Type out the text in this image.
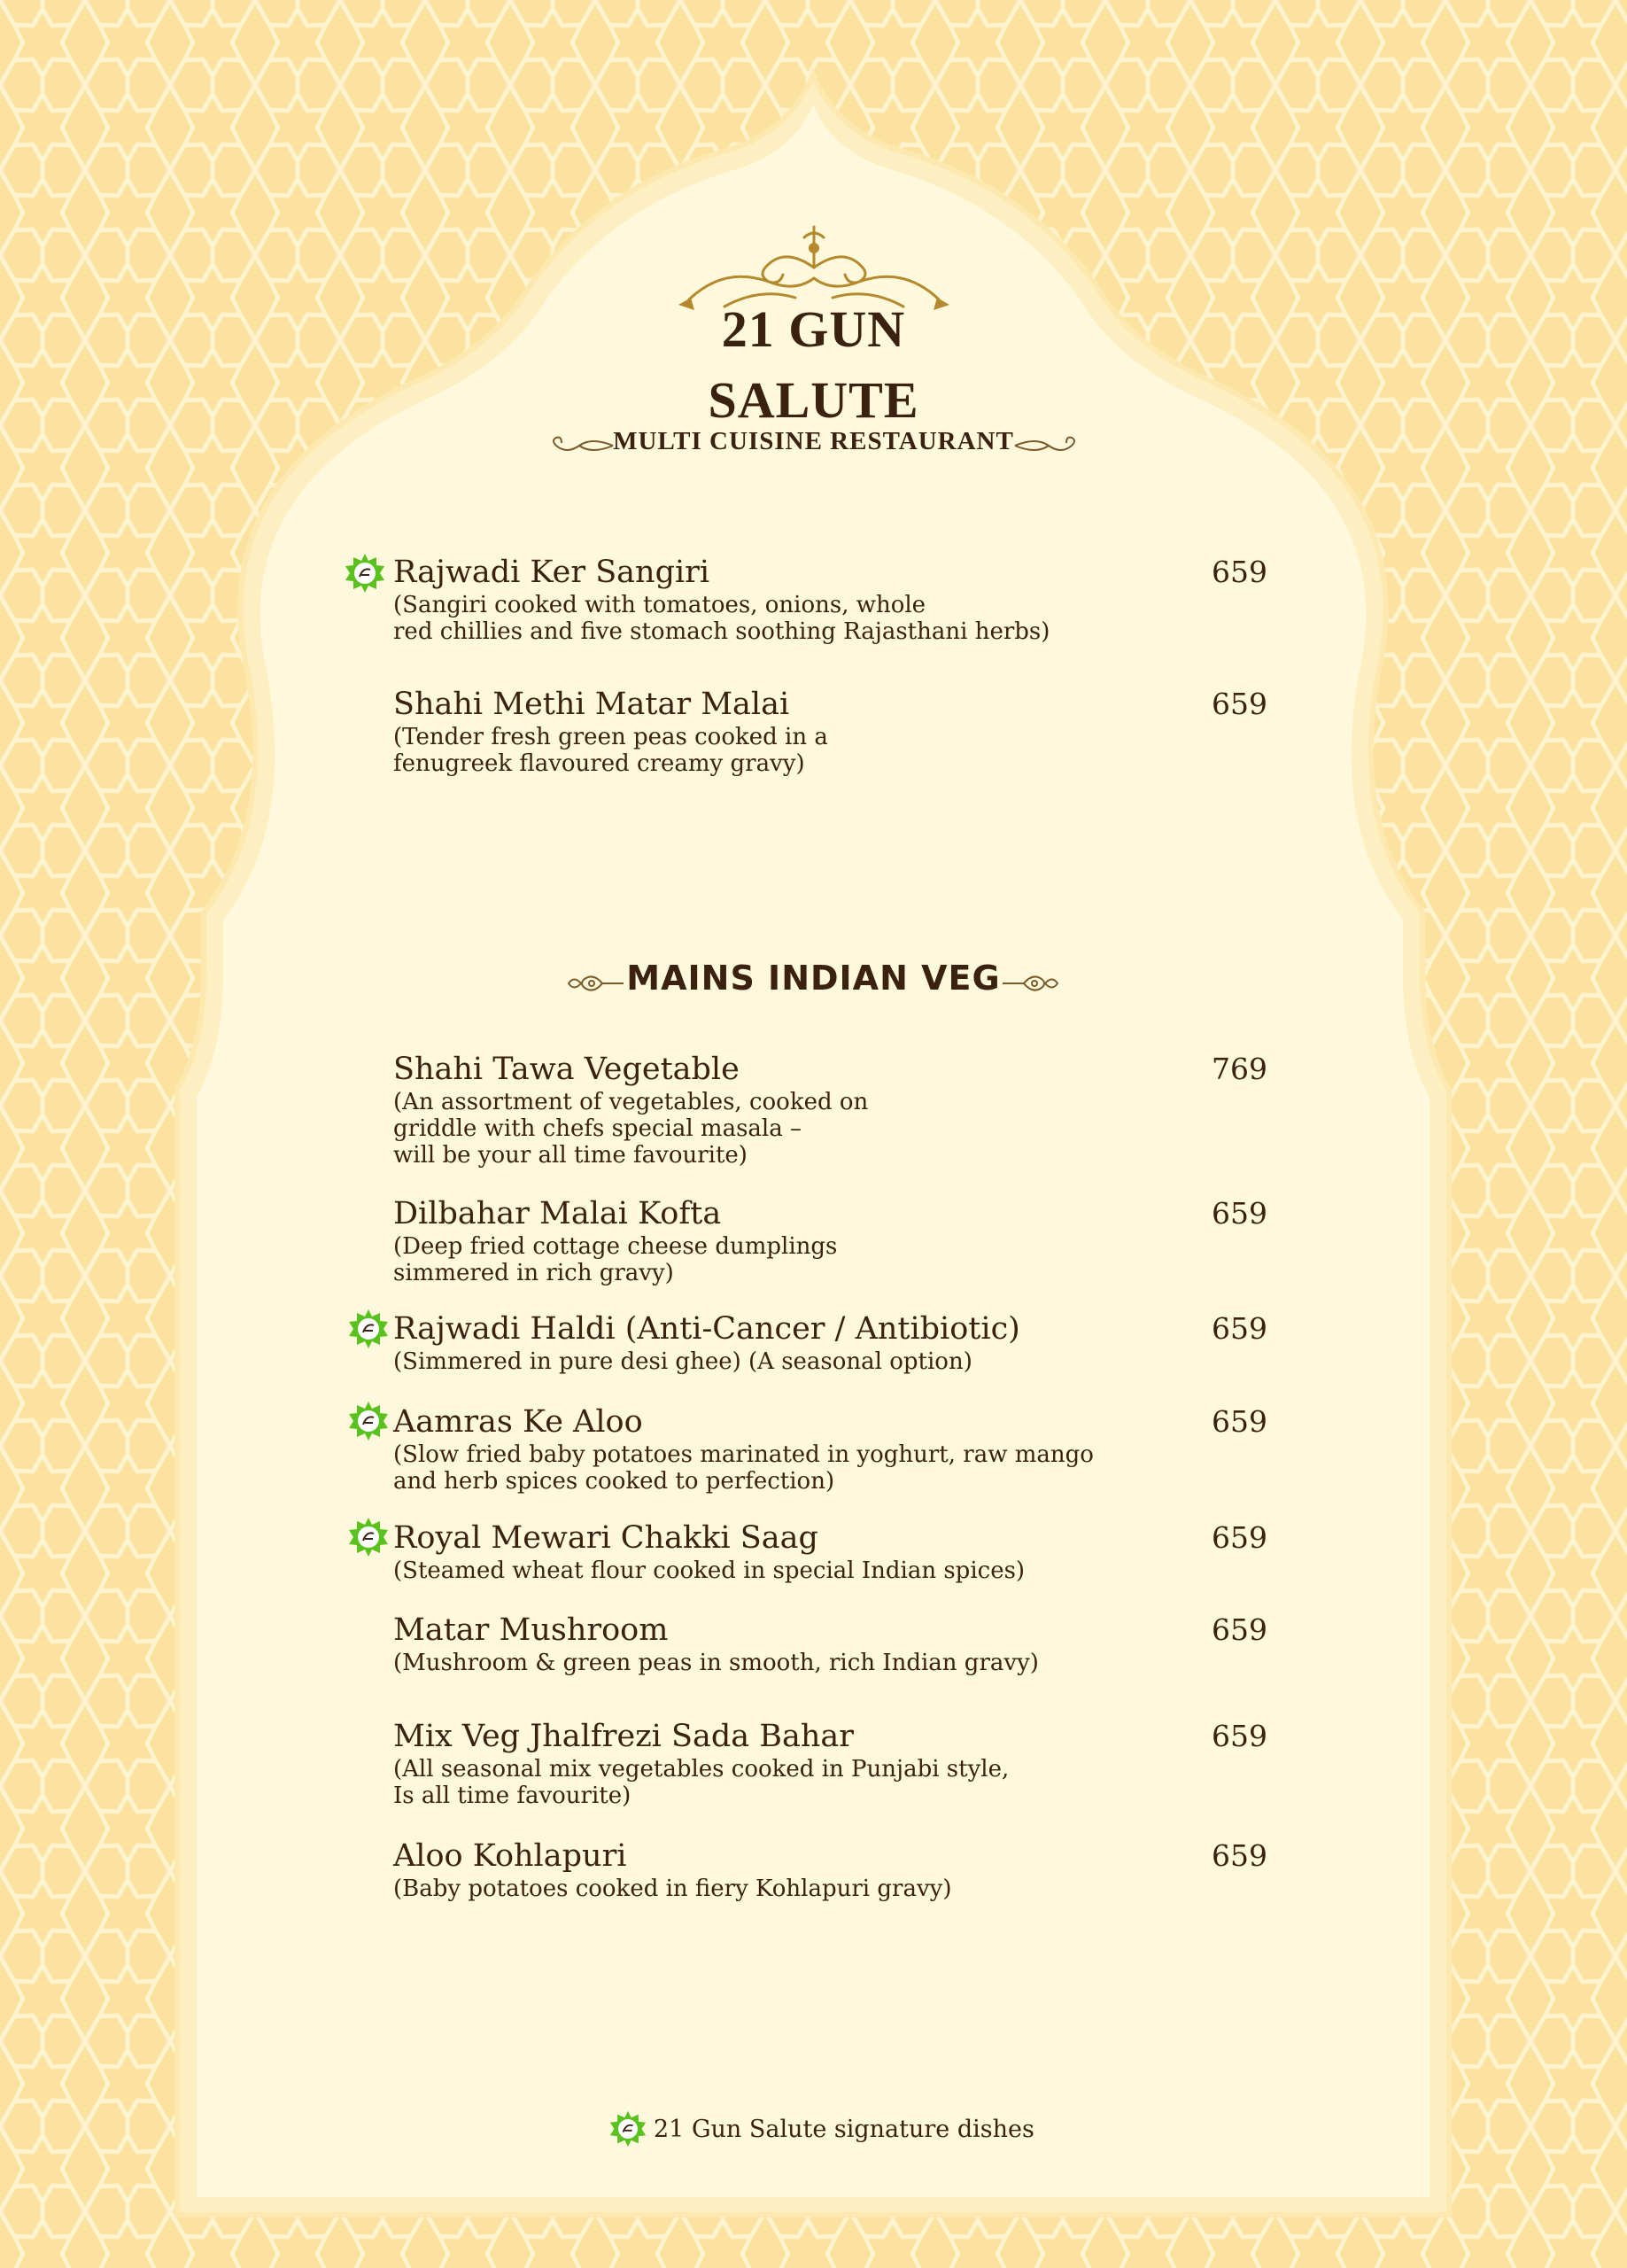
21 GUN
SALUTE
MULTI CUISINE RESTAURANT
Rajwadi Ker Sangiri
(Sangiri cooked with tomatoes, onions, whole
red chillies and five stomach soothing Rajasthani herbs)
659
Shahi Methi Matar Malai
(Tender fresh green peas cooked in a
fenugreek flavoured creamy gravy)
659
MAINS INDIAN VEG
Shahi Tawa Vegetable
(An assortment of vegetables, cooked on
griddle with chefs special masala –
will be your all time favourite)
769
Dilbahar Malai Kofta
(Deep fried cottage cheese dumplings
simmered in rich gravy)
659
Rajwadi Haldi (Anti-Cancer / Antibiotic)
(Simmered in pure desi ghee) (A seasonal option)
659
Aamras Ke Aloo
(Slow fried baby potatoes marinated in yoghurt, raw mango
and herb spices cooked to perfection)
659
Royal Mewari Chakki Saag
(Steamed wheat flour cooked in special Indian spices)
659
Matar Mushroom
(Mushroom & green peas in smooth, rich Indian gravy)
659
Mix Veg Jhalfrezi Sada Bahar
(All seasonal mix vegetables cooked in Punjabi style,
Is all time favourite)
659
Aloo Kohlapuri
(Baby potatoes cooked in fiery Kohlapuri gravy)
659
21 Gun Salute signature dishes
